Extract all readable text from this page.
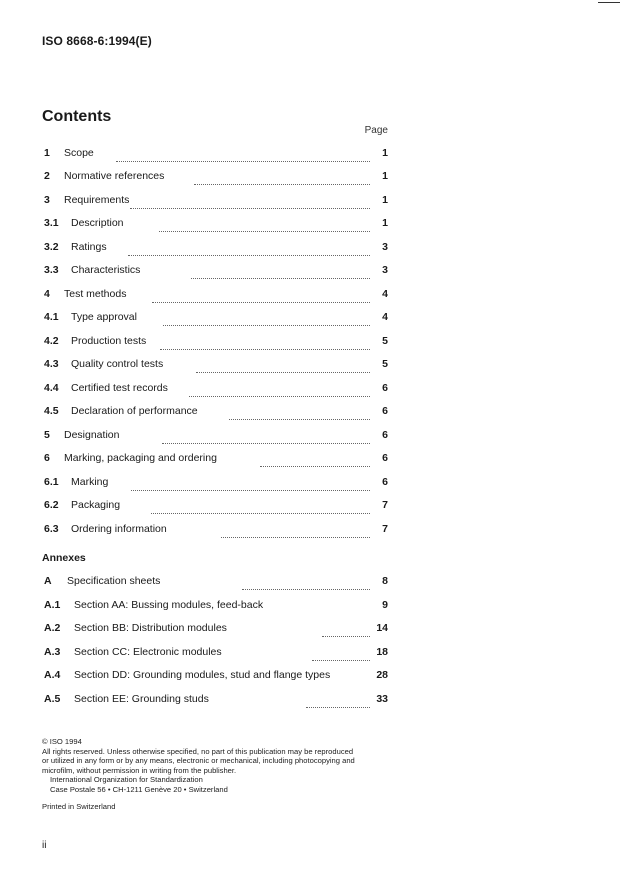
ISO 8668-6:1994(E)
Contents
Page
1 Scope	1
2 Normative references	1
3 Requirements	1
3.1 Description	1
3.2 Ratings	3
3.3 Characteristics	3
4 Test methods	4
4.1 Type approval	4
4.2 Production tests	5
4.3 Quality control tests	5
4.4 Certified test records	6
4.5 Declaration of performance	6
5 Designation	6
6 Marking, packaging and ordering	6
6.1 Marking	6
6.2 Packaging	7
6.3 Ordering information	7
A Specification sheets	8
A.1 Section AA: Bussing modules, feed-back	9
A.2 Section BB: Distribution modules	14
A.3 Section CC: Electronic modules	18
A.4 Section DD: Grounding modules, stud and flange types	28
A.5 Section EE: Grounding studs	33
Annexes
© ISO 1994
All rights reserved. Unless otherwise specified, no part of this publication may be reproduced
or utilized in any form or by any means, electronic or mechanical, including photocopying and
microfilm, without permission in writing from the publisher.
International Organization for Standardization
Case Postale 56 • CH-1211 Genève 20 • Switzerland
Printed in Switzerland
ii
